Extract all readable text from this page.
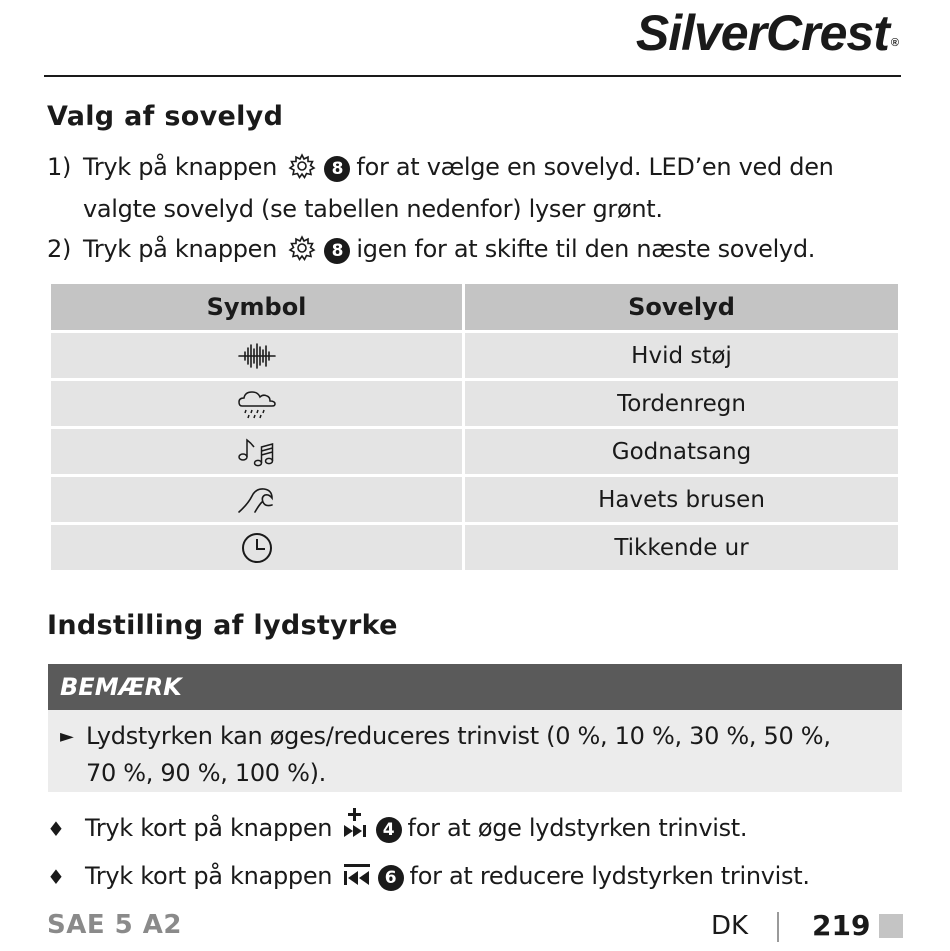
SilverCrest ®
Valg af sovelyd
1) Tryk på knappen	8 for at vælge en sovelyd. LED’en ved den
valgte sovelyd (se tabellen nedenfor) lyser grønt.
2) Tryk på knappen	8 igen for at skifte til den næste sovelyd.
Symbol	Sovelyd
	Hvid støj
	Tordenregn
	Godnatsang
	Havets brusen
	Tikkende ur
Indstilling af lydstyrke
BEMÆRK
► Lydstyrken kan øges/reduceres trinvist (0 %, 10 %, 30 %, 50 %,
70 %, 90 %, 100 %).
♦ Tryk kort på knappen	4 for at øge lydstyrken trinvist.
♦ Tryk kort på knappen	6 for at reducere lydstyrken trinvist.
SAE 5 A2	DK 219
